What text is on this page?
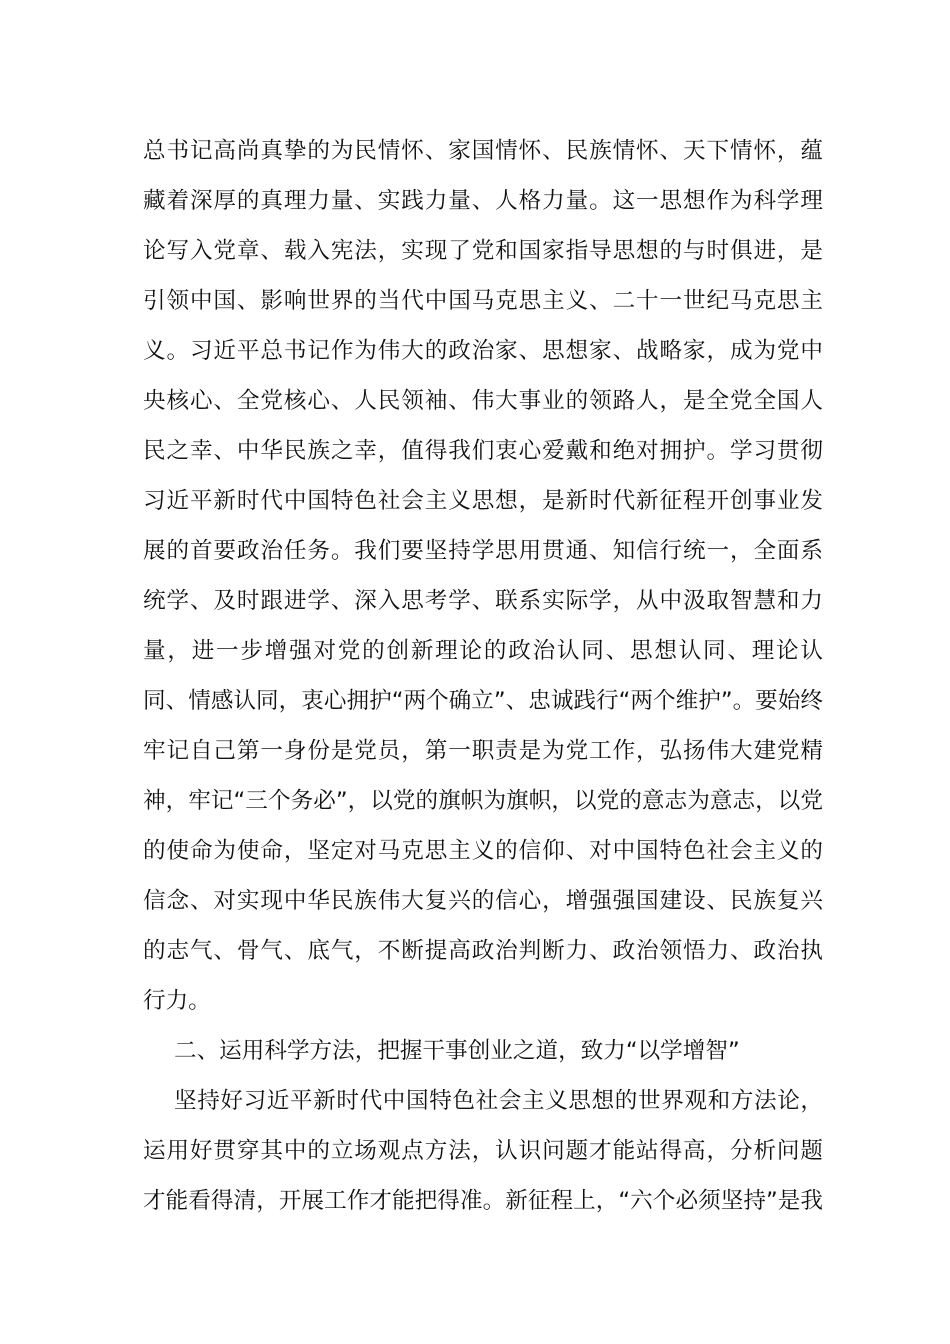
总书记高尚真挚的为民情怀、家国情怀、民族情怀、天下情怀，蕴
藏着深厚的真理力量、实践力量、人格力量。这一思想作为科学理
论写入党章、载入宪法，实现了党和国家指导思想的与时俱进，是
引领中国、影响世界的当代中国马克思主义、二十一世纪马克思主
义。习近平总书记作为伟大的政治家、思想家、战略家，成为党中
央核心、全党核心、人民领袖、伟大事业的领路人，是全党全国人
民之幸、中华民族之幸，值得我们衷心爱戴和绝对拥护。学习贯彻
习近平新时代中国特色社会主义思想，是新时代新征程开创事业发
展的首要政治任务。我们要坚持学思用贯通、知信行统一，全面系
统学、及时跟进学、深入思考学、联系实际学，从中汲取智慧和力
量，进一步增强对党的创新理论的政治认同、思想认同、理论认
同、情感认同，衷心拥护“两个确立”、忠诚践行“两个维护”。要始终
牢记自己第一身份是党员，第一职责是为党工作，弘扬伟大建党精
神，牢记“三个务必”，以党的旗帜为旗帜，以党的意志为意志，以党
的使命为使命，坚定对马克思主义的信仰、对中国特色社会主义的
信念、对实现中华民族伟大复兴的信心，增强强国建设、民族复兴
的志气、骨气、底气，不断提高政治判断力、政治领悟力、政治执
行力。
二、运用科学方法，把握干事创业之道，致力“以学增智”
坚持好习近平新时代中国特色社会主义思想的世界观和方法论，
运用好贯穿其中的立场观点方法，认识问题才能站得高，分析问题
才能看得清，开展工作才能把得准。新征程上，“六个必须坚持”是我
